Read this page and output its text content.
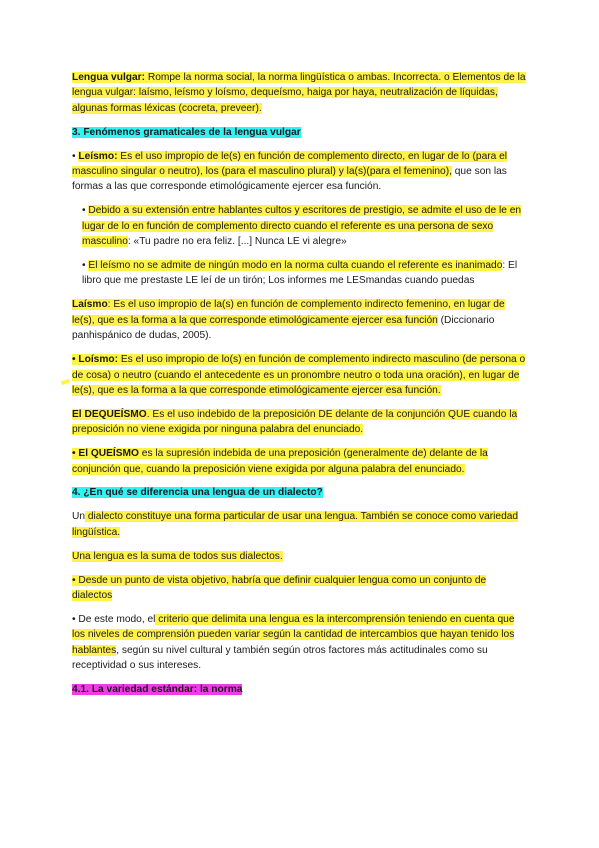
Lengua vulgar: Rompe la norma social, la norma lingüística o ambas. Incorrecta. o Elementos de la lengua vulgar: laísmo, leísmo y loísmo, dequeísmo, haiga por haya, neutralización de líquidas, algunas formas léxicas (cocreta, preveer).

3. Fenómenos gramaticales de la lengua vulgar

• Leísmo: Es el uso impropio de le(s) en función de complemento directo, en lugar de lo (para el masculino singular o neutro), los (para el masculino plural) y la(s)(para el femenino), que son las formas a las que corresponde etimológicamente ejercer esa función.

• Debido a su extensión entre hablantes cultos y escritores de prestigio, se admite el uso de le en lugar de lo en función de complemento directo cuando el referente es una persona de sexo masculino: «Tu padre no era feliz. [...] Nunca LE vi alegre»

• El leísmo no se admite de ningún modo en la norma culta cuando el referente es inanimado: El libro que me prestaste LE leí de un tirón; Los informes me LESmandas cuando puedas

Laísmo: Es el uso impropio de la(s) en función de complemento indirecto femenino, en lugar de le(s), que es la forma a la que corresponde etimológicamente ejercer esa función (Diccionario panhispánico de dudas, 2005).

• Loísmo: Es el uso impropio de lo(s) en función de complemento indirecto masculino (de persona o de cosa) o neutro (cuando el antecedente es un pronombre neutro o toda una oración), en lugar de le(s), que es la forma a la que corresponde etimológicamente ejercer esa función.

El DEQUEÍSMO. Es el uso indebido de la preposición DE delante de la conjunción QUE cuando la preposición no viene exigida por ninguna palabra del enunciado.

• El QUEÍSMO es la supresión indebida de una preposición (generalmente de) delante de la conjunción que, cuando la preposición viene exigida por alguna palabra del enunciado.

4. ¿En qué se diferencia una lengua de un dialecto?

Un dialecto constituye una forma particular de usar una lengua. También se conoce como variedad lingüística.

Una lengua es la suma de todos sus dialectos.

• Desde un punto de vista objetivo, habría que definir cualquier lengua como un conjunto de dialectos

• De este modo, el criterio que delimita una lengua es la intercomprensión teniendo en cuenta que los niveles de comprensión pueden variar según la cantidad de intercambios que hayan tenido los hablantes, según su nivel cultural y también según otros factores más actitudinales como su receptividad o sus intereses.

4.1. La variedad estándar: la norma
